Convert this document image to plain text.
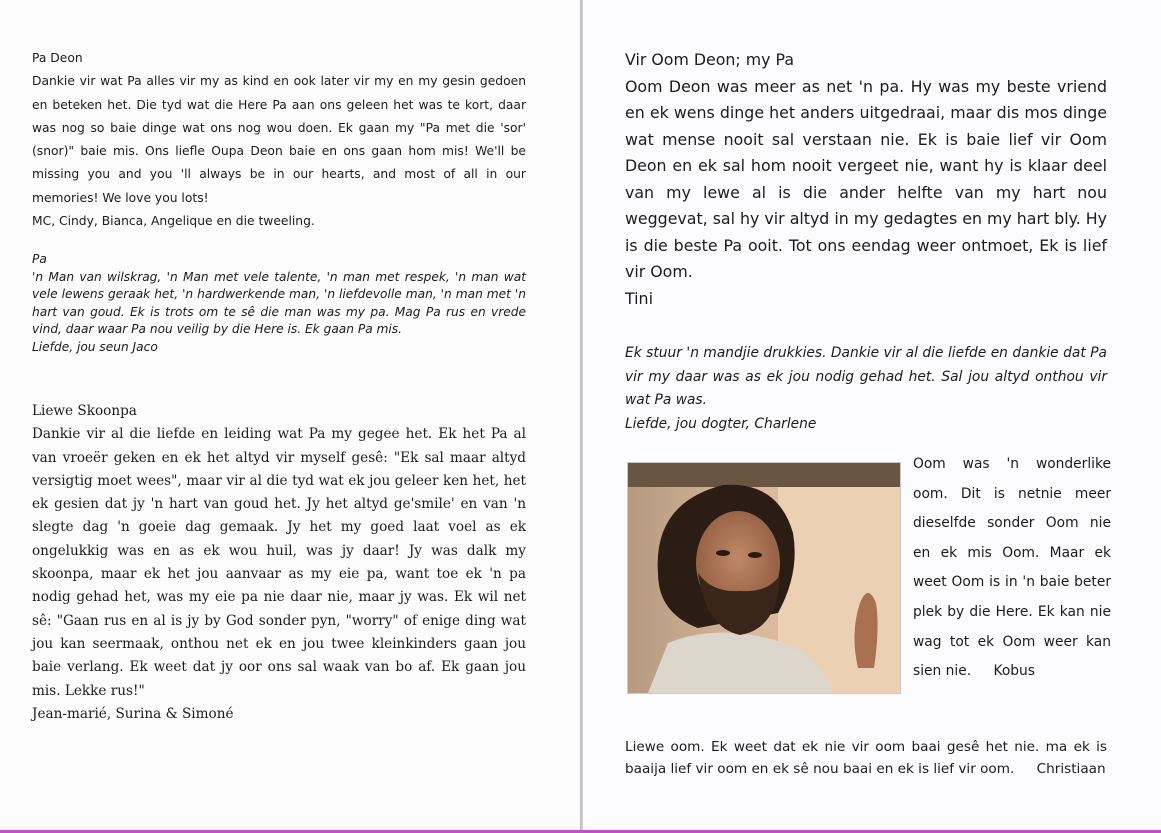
Pa Deon
Dankie vir wat Pa alles vir my as kind en ook later vir my en my gesin gedoen en beteken het. Die tyd wat die Here Pa aan ons geleen het was te kort, daar was nog so baie dinge wat ons nog wou doen. Ek gaan my "Pa met die 'sor' (snor)" baie mis. Ons liefle Oupa Deon baie en ons gaan hom mis! We'll be missing you and you 'll always be in our hearts, and most of all in our memories! We love you lots!
MC, Cindy, Bianca, Angelique en die tweeling.
Pa
'n Man van wilskrag, 'n Man met vele talente, 'n man met respek, 'n man wat vele lewens geraak het, 'n hardwerkende man, 'n liefdevolle man, 'n man met 'n hart van goud. Ek is trots om te sê die man was my pa. Mag Pa rus en vrede vind, daar waar Pa nou veilig by die Here is. Ek gaan Pa mis.
Liefde, jou seun Jaco
Liewe Skoonpa
Dankie vir al die liefde en leiding wat Pa my gegee het. Ek het Pa al van vroeër geken en ek het altyd vir myself gesê: "Ek sal maar altyd versigtig moet wees", maar vir al die tyd wat ek jou geleer ken het, het ek gesien dat jy 'n hart van goud het. Jy het altyd ge'smile' en van 'n slegte dag 'n goeie dag gemaak. Jy het my goed laat voel as ek ongelukkig was en as ek wou huil, was jy daar! Jy was dalk my skoonpa, maar ek het jou aanvaar as my eie pa, want toe ek 'n pa nodig gehad het, was my eie pa nie daar nie, maar jy was. Ek wil net sê: "Gaan rus en al is jy by God sonder pyn, "worry" of enige ding wat jou kan seermaak, onthou net ek en jou twee kleinkinders gaan jou baie verlang. Ek weet dat jy oor ons sal waak van bo af. Ek gaan jou mis. Lekke rus!"
Jean-marié, Surina & Simoné
Vir Oom Deon; my Pa
Oom Deon was meer as net 'n pa. Hy was my beste vriend en ek wens dinge het anders uitgedraai, maar dis mos dinge wat mense nooit sal verstaan nie. Ek is baie lief vir Oom Deon en ek sal hom nooit vergeet nie, want hy is klaar deel van my lewe al is die ander helfte van my hart nou weggevat, sal hy vir altyd in my gedagtes en my hart bly. Hy is die beste Pa ooit. Tot ons eendag weer ontmoet, Ek is lief vir Oom.
Tini
Ek stuur 'n mandjie drukkies. Dankie vir al die liefde en dankie dat Pa vir my daar was as ek jou nodig gehad het. Sal jou altyd onthou vir wat Pa was.
Liefde, jou dogter, Charlene
Oom was 'n wonderlike oom. Dit is netnie meer dieselfde sonder Oom nie en ek mis Oom. Maar ek weet Oom is in 'n baie beter plek by die Here. Ek kan nie wag tot ek Oom weer kan sien nie. Kobus
Liewe oom. Ek weet dat ek nie vir oom baai gesê het nie. ma ek is baaija lief vir oom en ek sê nou baai en ek is lief vir oom. Christiaan
